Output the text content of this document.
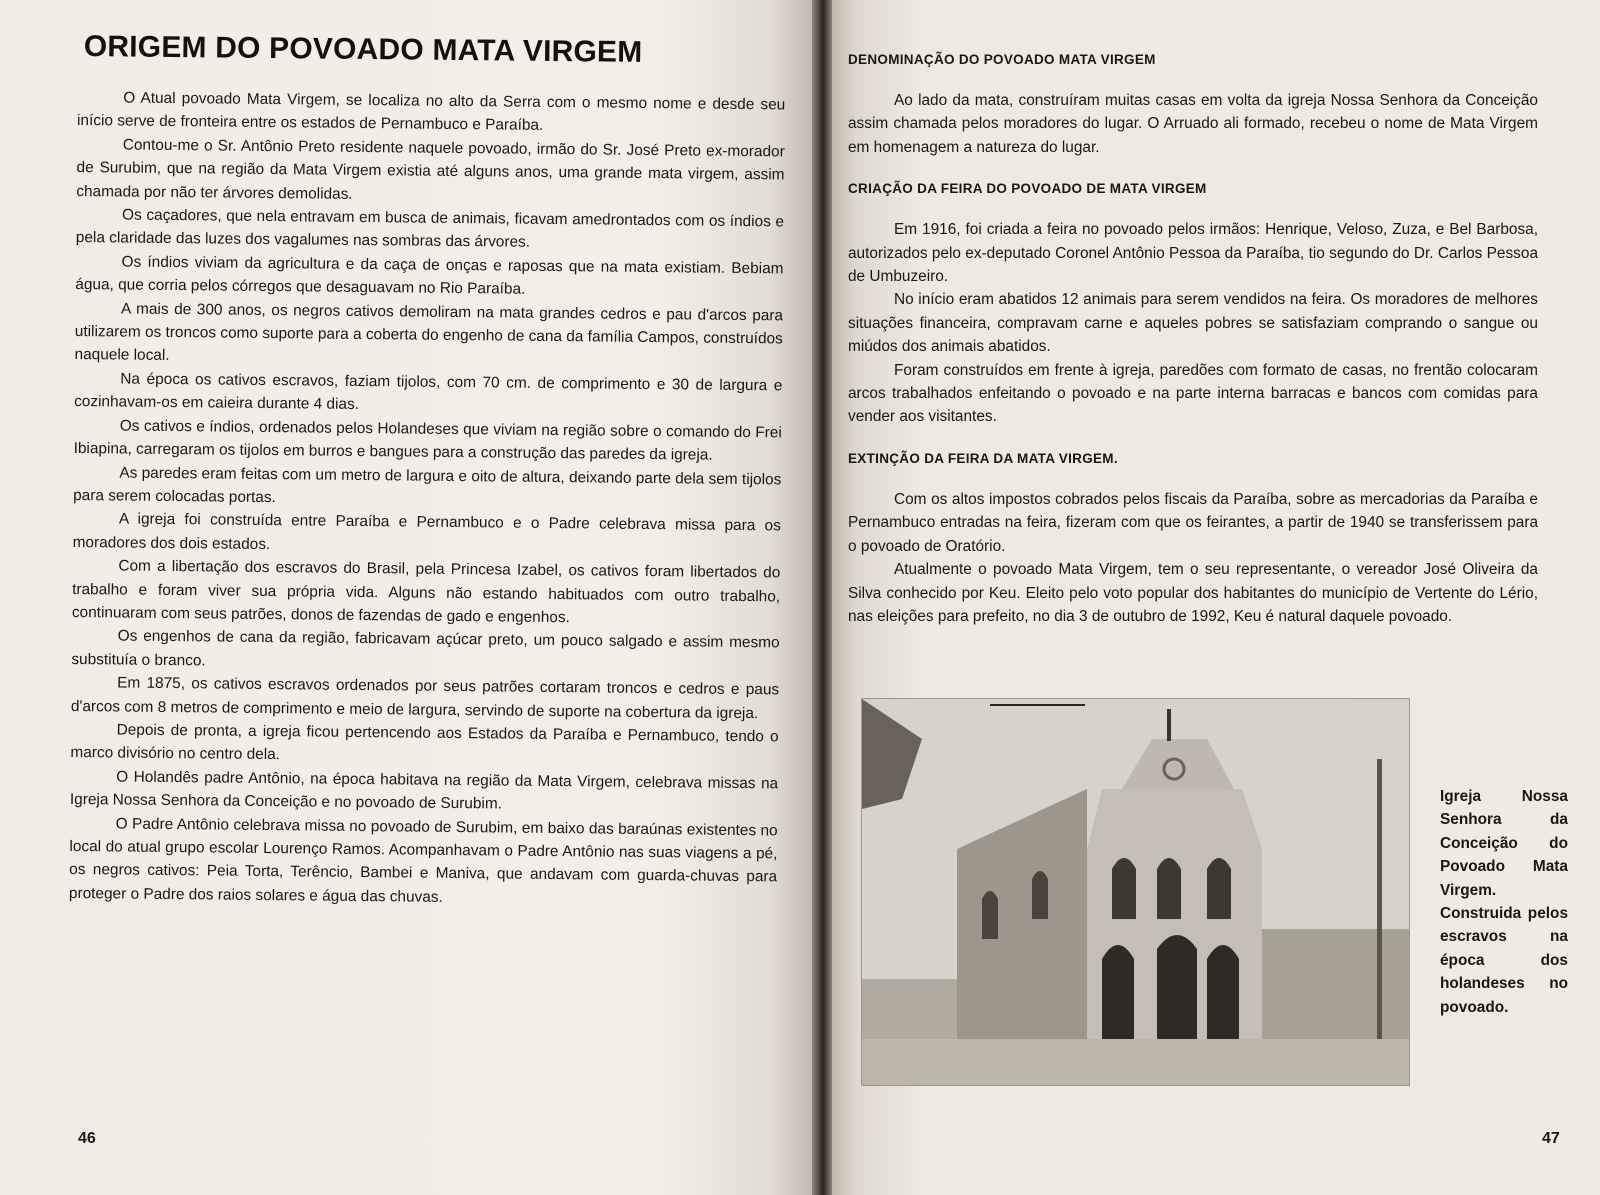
ORIGEM DO POVOADO MATA VIRGEM

O Atual povoado Mata Virgem, se localiza no alto da Serra com o mesmo nome e desde seu início serve de fronteira entre os estados de Pernambuco e Paraíba.

Contou-me o Sr. Antônio Preto residente naquele povoado, irmão do Sr. José Preto ex-morador de Surubim, que na região da Mata Virgem existia até alguns anos, uma grande mata virgem, assim chamada por não ter árvores demolidas.

Os caçadores, que nela entravam em busca de animais, ficavam amedrontados com os índios e pela claridade das luzes dos vagalumes nas sombras das árvores.

Os índios viviam da agricultura e da caça de onças e raposas que na mata existiam. Bebiam água, que corria pelos córregos que desaguavam no Rio Paraíba.

A mais de 300 anos, os negros cativos demoliram na mata grandes cedros e pau d'arcos para utilizarem os troncos como suporte para a coberta do engenho de cana da família Campos, construídos naquele local.

Na época os cativos escravos, faziam tijolos, com 70 cm. de comprimento e 30 de largura e cozinhavam-os em caieira durante 4 dias.

Os cativos e índios, ordenados pelos Holandeses que viviam na região sobre o comando do Frei Ibiapina, carregaram os tijolos em burros e bangues para a construção das paredes da igreja.

As paredes eram feitas com um metro de largura e oito de altura, deixando parte dela sem tijolos para serem colocadas portas.

A igreja foi construída entre Paraíba e Pernambuco e o Padre celebrava missa para os moradores dos dois estados.

Com a libertação dos escravos do Brasil, pela Princesa Izabel, os cativos foram libertados do trabalho e foram viver sua própria vida. Alguns não estando habituados com outro trabalho, continuaram com seus patrões, donos de fazendas de gado e engenhos.

Os engenhos de cana da região, fabricavam açúcar preto, um pouco salgado e assim mesmo substituía o branco.

Em 1875, os cativos escravos ordenados por seus patrões cortaram troncos e cedros e paus d'arcos com 8 metros de comprimento e meio de largura, servindo de suporte na cobertura da igreja.

Depois de pronta, a igreja ficou pertencendo aos Estados da Paraíba e Pernambuco, tendo o marco divisório no centro dela.

O Holandês padre Antônio, na época habitava na região da Mata Virgem, celebrava missas na Igreja Nossa Senhora da Conceição e no povoado de Surubim.

O Padre Antônio celebrava missa no povoado de Surubim, em baixo das baraúnas existentes no local do atual grupo escolar Lourenço Ramos. Acompanhavam o Padre Antônio nas suas viagens a pé, os negros cativos: Peia Torta, Terêncio, Bambei e Maniva, que andavam com guarda-chuvas para proteger o Padre dos raios solares e água das chuvas.

46
DENOMINAÇÃO DO POVOADO MATA VIRGEM

Ao lado da mata, construíram muitas casas em volta da igreja Nossa Senhora da Conceição assim chamada pelos moradores do lugar. O Arruado ali formado, recebeu o nome de Mata Virgem em homenagem a natureza do lugar.

CRIAÇÃO DA FEIRA DO POVOADO DE MATA VIRGEM

Em 1916, foi criada a feira no povoado pelos irmãos: Henrique, Veloso, Zuza, e Bel Barbosa, autorizados pelo ex-deputado Coronel Antônio Pessoa da Paraíba, tio segundo do Dr. Carlos Pessoa de Umbuzeiro.

No início eram abatidos 12 animais para serem vendidos na feira. Os moradores de melhores situações financeira, compravam carne e aqueles pobres se satisfaziam comprando o sangue ou miúdos dos animais abatidos.

Foram construídos em frente à igreja, paredões com formato de casas, no frentão colocaram arcos trabalhados enfeitando o povoado e na parte interna barracas e bancos com comidas para vender aos visitantes.

EXTINÇÃO DA FEIRA DA MATA VIRGEM.

Com os altos impostos cobrados pelos fiscais da Paraíba, sobre as mercadorias da Paraíba e Pernambuco entradas na feira, fizeram com que os feirantes, a partir de 1940 se transferissem para o povoado de Oratório.

Atualmente o povoado Mata Virgem, tem o seu representante, o vereador José Oliveira da Silva conhecido por Keu. Eleito pelo voto popular dos habitantes do município de Vertente do Lério, nas eleições para prefeito, no dia 3 de outubro de 1992, Keu é natural daquele povoado.

Igreja Nossa Senhora da Conceição do Povoado Mata Virgem. Construida pelos escravos na época dos holandeses no povoado.
47
